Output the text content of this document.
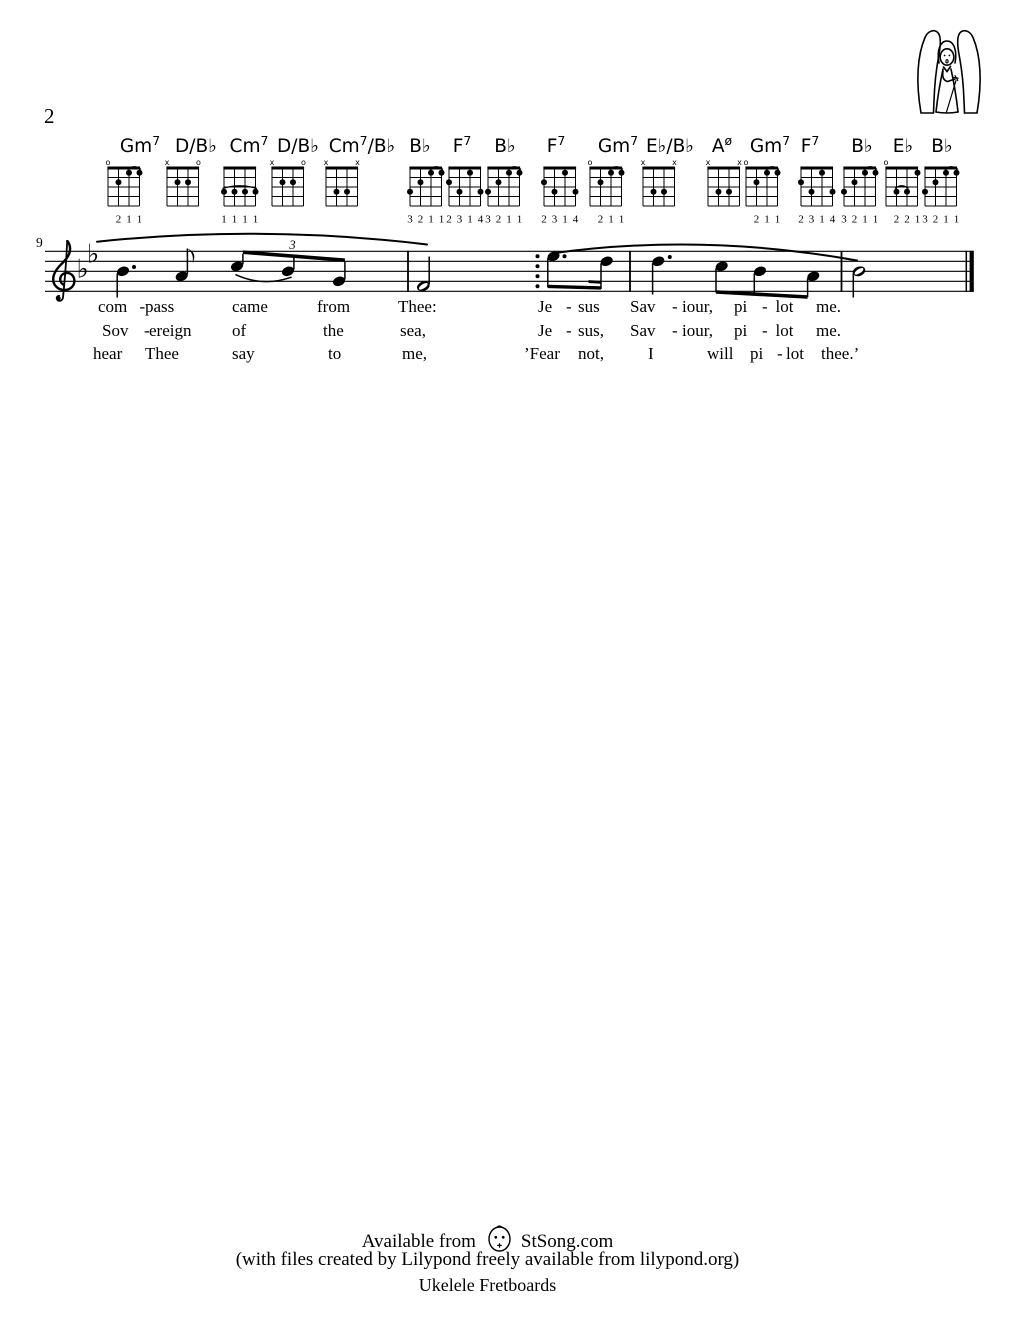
2
Gm$^7$
o
2 1 1
D/B♭
x	o
Cm$^7$
1 1 1 1
D/B♭
x	o
Cm$^7$/B♭
x	x
B♭
3 2 1 1
$F^7$
2 3 1 4
B♭
3 2 1 1
$F^7$
2 3 1 4
Gm$^7$
o
2 1 1
E♭/B♭
x	x
$A^ø$
x	x
Gm$^7$
o
2 1 1
$F^7$
2 3 1 4
B♭
3 2 1 1
E♭
o
2 2 1
B♭
3 2 1 1
9
♭
♭	3
com - pass	came	from	Thee:	Je - sus Sav - iour, pi - lot me.
Sov - ereign of	the	sea,	Je - sus, Sav - iour, pi - lot me.
hear Thee	say	to	me,	’Fear not,	I	will pi - lot thee.’
Available from StSong.com
(with files created by Lilypond freely available from lilypond.org)
Ukelele Fretboards
